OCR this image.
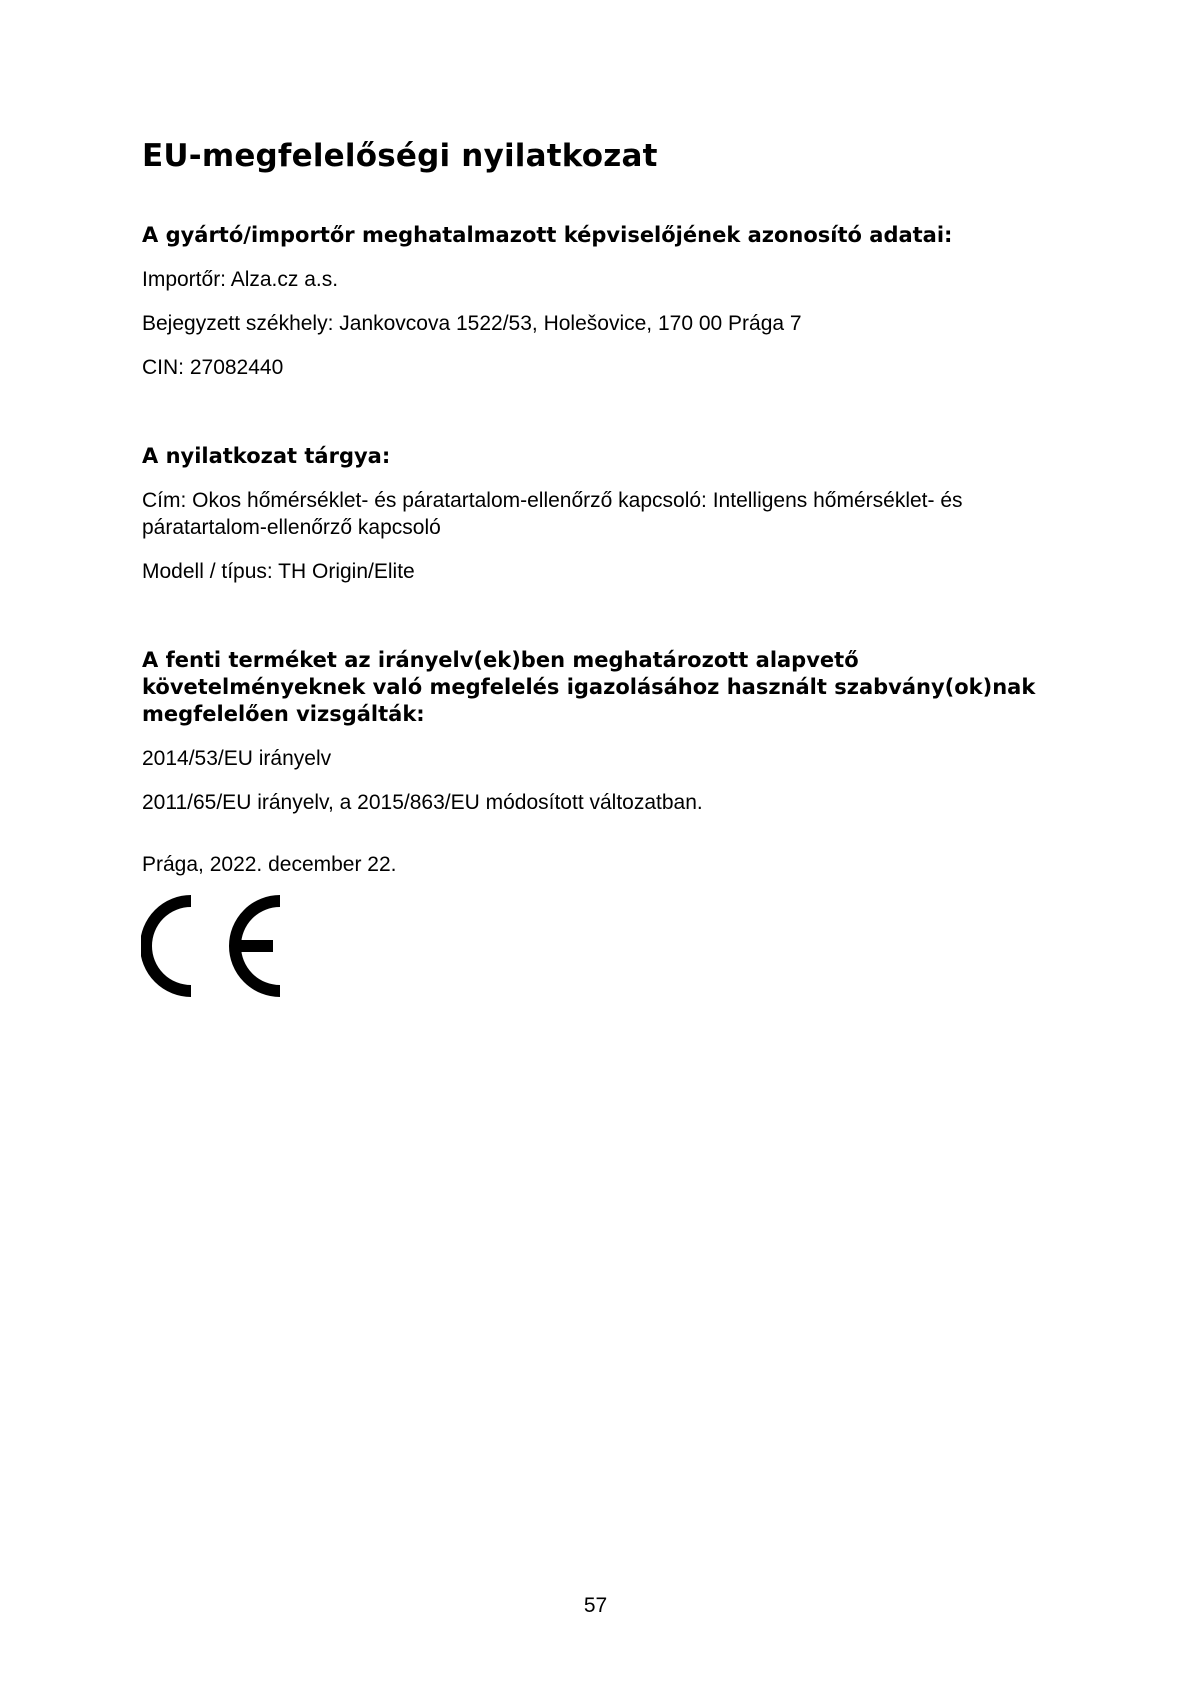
EU-megfelelőségi nyilatkozat

A gyártó/importőr meghatalmazott képviselőjének azonosító adatai:

Importőr: Alza.cz a.s.

Bejegyzett székhely: Jankovcova 1522/53, Holešovice, 170 00 Prága 7

CIN: 27082440

A nyilatkozat tárgya:

Cím: Okos hőmérséklet- és páratartalom-ellenőrző kapcsoló: Intelligens hőmérséklet- és páratartalom-ellenőrző kapcsoló

Modell / típus: TH Origin/Elite

A fenti terméket az irányelv(ek)ben meghatározott alapvető követelményeknek való megfelelés igazolásához használt szabvány(ok)nak megfelelően vizsgálták:

2014/53/EU irányelv

2011/65/EU irányelv, a 2015/863/EU módosított változatban.

Prága, 2022. december 22.

57
